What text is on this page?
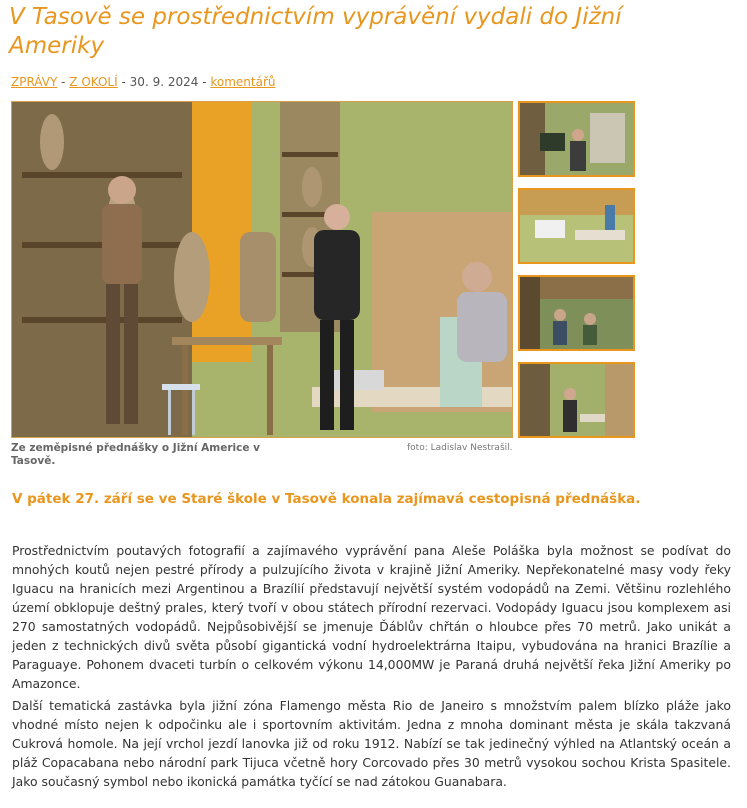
V Tasově se prostřednictvím vyprávění vydali do Jižní Ameriky
ZPRÁVY - Z OKOLÍ - 30. 9. 2024 - komentářů
Ze zeměpisné přednášky o Jižní Americe v Tasově.
foto: Ladislav Nestrašil.

V pátek 27. září se ve Staré škole v Tasově konala zajímavá cestopisná přednáška.

Prostřednictvím poutavých fotografií a zajímavého vyprávění pana Aleše Poláška byla možnost se podívat do mnohých koutů nejen pestré přírody a pulzujícího života v krajině Jižní Ameriky. Nepřekonatelné masy vody řeky Iguacu na hranicích mezi Argentinou a Brazílií představují největší systém vodopádů na Zemi. Většinu rozlehlého území obklopuje deštný prales, který tvoří v obou státech přírodní rezervaci. Vodopády Iguacu jsou komplexem asi 270 samostatných vodopádů. Nejpůsobivější se jmenuje Ďáblův chřtán o hloubce přes 70 metrů. Jako unikát a jeden z technických divů světa působí gigantická vodní hydroelektrárna Itaipu, vybudována na hranici Brazílie a Paraguaye. Pohonem dvaceti turbín o celkovém výkonu 14,000MW je Paraná druhá největší řeka Jižní Ameriky po Amazonce.

Další tematická zastávka byla jižní zóna Flamengo města Rio de Janeiro s množstvím palem blízko pláže jako vhodné místo nejen k odpočinku ale i sportovním aktivitám. Jedna z mnoha dominant města je skála takzvaná Cukrová homole. Na její vrchol jezdí lanovka již od roku 1912. Nabízí se tak jedinečný výhled na Atlantský oceán a pláž Copacabana nebo národní park Tijuca včetně hory Corcovado přes 30 metrů vysokou sochou Krista Spasitele. Jako současný symbol nebo ikonická památka tyčící se nad zátokou Guanabara.
